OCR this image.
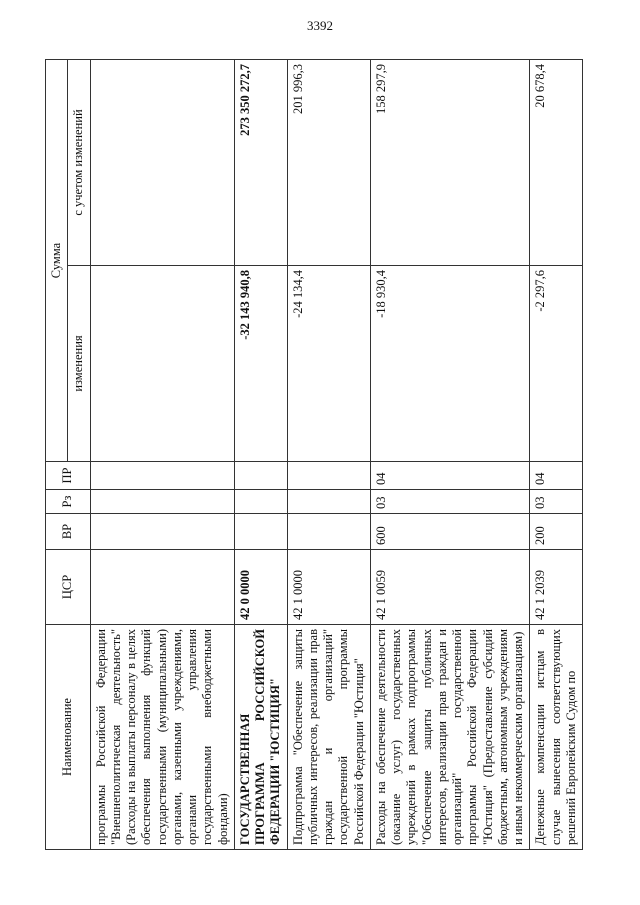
3392
Наименование	ЦСР	ВР	Рз	ПР	Сумма	
					изменения	с учетом изменений
программы Российской Федерации "Внешнеполитическая деятельность" (Расходы на выплаты персоналу в целях обеспечения выполнения функций государственными (муниципальными) органами, казенными учреждениями, органами управления государственными внебюджетными фондами)						
ГОСУДАРСТВЕННАЯ ПРОГРАММА РОССИЙСКОЙ ФЕДЕРАЦИИ "ЮСТИЦИЯ"	42 0 0000				-32 143 940,8	273 350 272,7
Подпрограмма "Обеспечение защиты публичных интересов, реализации прав граждан и организаций" государственной программы Российской Федерации "Юстиция"	42 1 0000				-24 134,4	201 996,3
Расходы на обеспечение деятельности (оказание услуг) государственных учреждений в рамках подпрограммы "Обеспечение защиты публичных интересов, реализации прав граждан и организаций" государственной программы Российской Федерации "Юстиция" (Предоставление субсидий бюджетным, автономным учреждениям и иным некоммерческим организациям)	42 1 0059	600	03	04	-18 930,4	158 297,9
Денежные компенсации истцам в случае вынесения соответствующих решений Европейским Судом по	42 1 2039	200	03	04	-2 297,6	20 678,4
